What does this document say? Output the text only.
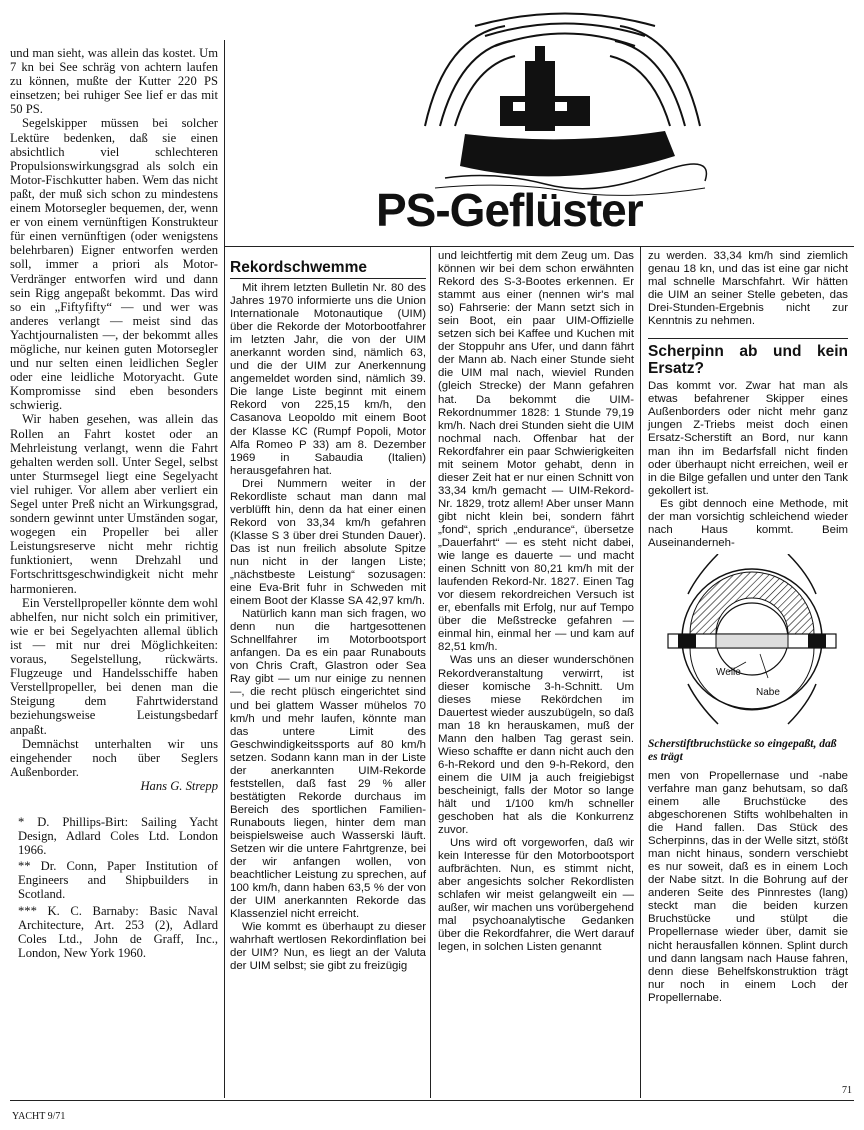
PS-Geflüster

und man sieht, was allein das kostet. Um 7 kn bei See schräg von achtern laufen zu können, mußte der Kutter 220 PS einsetzen; bei ruhiger See lief er das mit 50 PS.

Segelskipper müssen bei solcher Lektüre bedenken, daß sie einen absichtlich viel schlechteren Propulsionswirkungsgrad als solch ein Motor-Fischkutter haben. Wem das nicht paßt, der muß sich schon zu mindestens einem Motorsegler bequemen, der, wenn er von einem vernünftigen Konstrukteur für einen vernünftigen (oder wenigstens belehrbaren) Eigner entworfen werden soll, immer a priori als Motor-Verdränger entworfen wird und dann sein Rigg angepaßt bekommt. Das wird so ein „Fiftyfifty“ — und wer was anderes verlangt — meist sind das Yachtjournalisten —, der bekommt alles mögliche, nur keinen guten Motorsegler und nur selten einen leidlichen Segler oder eine leidliche Motoryacht. Gute Kompromisse sind eben besonders schwierig.

Wir haben gesehen, was allein das Rollen an Fahrt kostet oder an Mehrleistung verlangt, wenn die Fahrt gehalten werden soll. Unter Segel, selbst unter Sturmsegel liegt eine Segelyacht viel ruhiger. Vor allem aber verliert ein Segel unter Preß nicht an Wirkungsgrad, sondern gewinnt unter Umständen sogar, wogegen ein Propeller bei aller Leistungsreserve nicht mehr richtig funktioniert, wenn Drehzahl und Fortschrittsgeschwindigkeit nicht mehr harmonieren.

Ein Verstellpropeller könnte dem wohl abhelfen, nur nicht solch ein primitiver, wie er bei Segelyachten allemal üblich ist — mit nur drei Möglichkeiten: voraus, Segelstellung, rückwärts. Flugzeuge und Handelsschiffe haben Verstellpropeller, bei denen man die Steigung dem Fahrtwiderstand beziehungsweise Leistungsbedarf anpaßt.

Demnächst unterhalten wir uns eingehender noch über Seglers Außenborder.

Hans G. Strepp

* D. Phillips-Birt: Sailing Yacht Design, Adlard Coles Ltd. London 1966.

** Dr. Conn, Paper Institution of Engineers and Shipbuilders in Scotland.

*** K. C. Barnaby: Basic Naval Architecture, Art. 253 (2), Adlard Coles Ltd., John de Graff, Inc., London, New York 1960.

Rekordschwemme

Mit ihrem letzten Bulletin Nr. 80 des Jahres 1970 informierte uns die Union Internationale Motonautique (UIM) über die Rekorde der Motorbootfahrer im letzten Jahr, die von der UIM anerkannt worden sind, nämlich 63, und die der UIM zur Anerkennung angemeldet worden sind, nämlich 39. Die lange Liste beginnt mit einem Rekord von 225,15 km/h, den Casanova Leopoldo mit einem Boot der Klasse KC (Rumpf Popoli, Motor Alfa Romeo P 33) am 8. Dezember 1969 in Sabaudia (Italien) herausgefahren hat.

Drei Nummern weiter in der Rekordliste schaut man dann mal verblüfft hin, denn da hat einer einen Rekord von 33,34 km/h gefahren (Klasse S 3 über drei Stunden Dauer). Das ist nun freilich absolute Spitze nun nicht in der langen Liste; „nächstbeste Leistung“ sozusagen: eine Eva-Brit fuhr in Schweden mit einem Boot der Klasse SA 42,97 km/h.

Natürlich kann man sich fragen, wo denn nun die hartgesottenen Schnellfahrer im Motorbootsport anfangen. Da es ein paar Runabouts von Chris Craft, Glastron oder Sea Ray gibt — um nur einige zu nennen —, die recht plüsch eingerichtet sind und bei glattem Wasser mühelos 70 km/h und mehr laufen, könnte man das untere Limit des Geschwindigkeitssports auf 80 km/h setzen. Sodann kann man in der Liste der anerkannten UIM-Rekorde feststellen, daß fast 29 % aller bestätigten Rekorde durchaus im Bereich des sportlichen Familien-Runabouts liegen, hinter dem man beispielsweise auch Wasserski läuft. Setzen wir die untere Fahrtgrenze, bei der wir anfangen wollen, von beachtlicher Leistung zu sprechen, auf 100 km/h, dann haben 63,5 % der von der UIM anerkannten Rekorde das Klassenziel nicht erreicht.

Wie kommt es überhaupt zu dieser wahrhaft wertlosen Rekordinflation bei der UIM? Nun, es liegt an der Valuta der UIM selbst; sie gibt zu freizügig

und leichtfertig mit dem Zeug um. Das können wir bei dem schon erwähnten Rekord des S-3-Bootes erkennen. Er stammt aus einer (nennen wir's mal so) Fahrserie: der Mann setzt sich in sein Boot, ein paar UIM-Offizielle setzen sich bei Kaffee und Kuchen mit der Stoppuhr ans Ufer, und dann fährt der Mann ab. Nach einer Stunde sieht die UIM mal nach, wieviel Runden (gleich Strecke) der Mann gefahren hat. Da bekommt die UIM-Rekordnummer 1828: 1 Stunde 79,19 km/h. Nach drei Stunden sieht die UIM nochmal nach. Offenbar hat der Rekordfahrer ein paar Schwierigkeiten mit seinem Motor gehabt, denn in dieser Zeit hat er nur einen Schnitt von 33,34 km/h gemacht — UIM-Rekord-Nr. 1829, trotz allem! Aber unser Mann gibt nicht klein bei, sondern fährt „fond“, sprich „endurance“, übersetze „Dauerfahrt“ — es steht nicht dabei, wie lange es dauerte — und macht einen Schnitt von 80,21 km/h mit der laufenden Rekord-Nr. 1827. Einen Tag vor diesem rekordreichen Versuch ist er, ebenfalls mit Erfolg, nur auf Tempo über die Meßstrecke gefahren — einmal hin, einmal her — und kam auf 82,51 km/h.

Was uns an dieser wunderschönen Rekordveranstaltung verwirrt, ist dieser komische 3-h-Schnitt. Um dieses miese Rekördchen im Dauertest wieder auszubügeln, so daß man 18 kn herauskamen, muß der Mann den halben Tag gerast sein. Wieso schaffte er dann nicht auch den 6-h-Rekord und den 9-h-Rekord, den einem die UIM ja auch freigiebigst bescheinigt, falls der Motor so lange hält und 1/100 km/h schneller geschoben hat als die Konkurrenz zuvor.

Uns wird oft vorgeworfen, daß wir kein Interesse für den Motorbootsport aufbrächten. Nun, es stimmt nicht, aber angesichts solcher Rekordlisten schlafen wir meist gelangweilt ein — außer, wir machen uns vorübergehend mal psychoanalytische Gedanken über die Rekordfahrer, die Wert darauf legen, in solchen Listen genannt

zu werden. 33,34 km/h sind ziemlich genau 18 kn, und das ist eine gar nicht mal schnelle Marschfahrt. Wir hätten die UIM an seiner Stelle gebeten, das Drei-Stunden-Ergebnis nicht zur Kenntnis zu nehmen.

Scherpinn ab und kein Ersatz?

Das kommt vor. Zwar hat man als etwas befahrener Skipper eines Außenborders oder nicht mehr ganz jungen Z-Triebs meist doch einen Ersatz-Scherstift an Bord, nur kann man ihn im Bedarfsfall nicht finden oder überhaupt nicht erreichen, weil er in die Bilge gefallen und unter den Tank gekollert ist.

Es gibt dennoch eine Methode, mit der man vorsichtig schleichend wieder nach Haus kommt. Beim Auseinanderneh-

Welle
Nabe
Scherstiftbruchstücke so eingepaßt, daß es trägt

men von Propellernase und -nabe verfahre man ganz behutsam, so daß einem alle Bruchstücke des abgeschorenen Stifts wohlbehalten in die Hand fallen. Das Stück des Scherpinns, das in der Welle sitzt, stößt man nicht hinaus, sondern verschiebt es nur soweit, daß es in einem Loch der Nabe sitzt. In die Bohrung auf der anderen Seite des Pinnrestes (lang) steckt man die beiden kurzen Bruchstücke und stülpt die Propellernase wieder über, damit sie nicht herausfallen können. Splint durch und dann langsam nach Hause fahren, denn diese Behelfskonstruktion trägt nur noch in einem Loch der Propellernabe.

YACHT 9/71
71
